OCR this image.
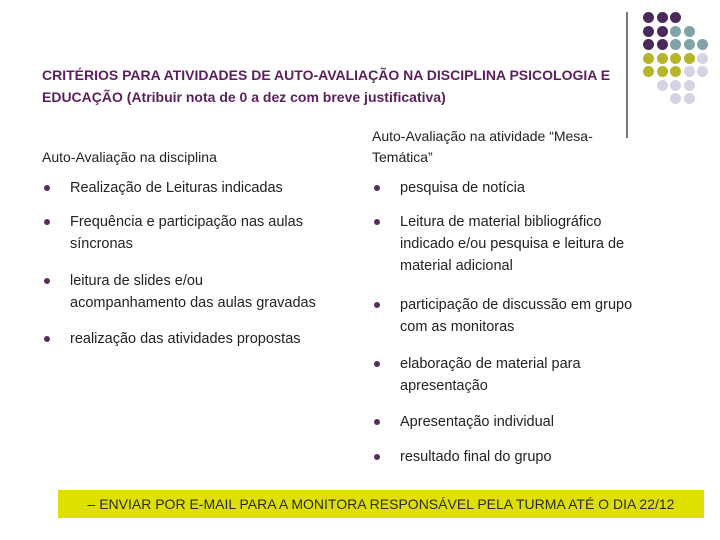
CRITÉRIOS PARA ATIVIDADES DE AUTO-AVALIAÇÃO NA DISCIPLINA PSICOLOGIA E
EDUCAÇÃO (Atribuir nota de 0 a dez com breve justificativa)
Auto-Avaliação na disciplina
Auto-Avaliação na atividade “Mesa-
Temática”
Realização de Leituras indicadas
Frequência e participação nas aulas
síncronas
leitura de slides e/ou
acompanhamento das aulas gravadas
realização das atividades propostas
pesquisa de notícia
Leitura de material bibliográfico
indicado e/ou pesquisa e leitura de
material adicional
participação de discussão em grupo
com as monitoras
elaboração de material para
apresentação
Apresentação individual
resultado final do grupo
– ENVIAR POR E-MAIL PARA A MONITORA RESPONSÁVEL PELA TURMA ATÉ O DIA 22/12
